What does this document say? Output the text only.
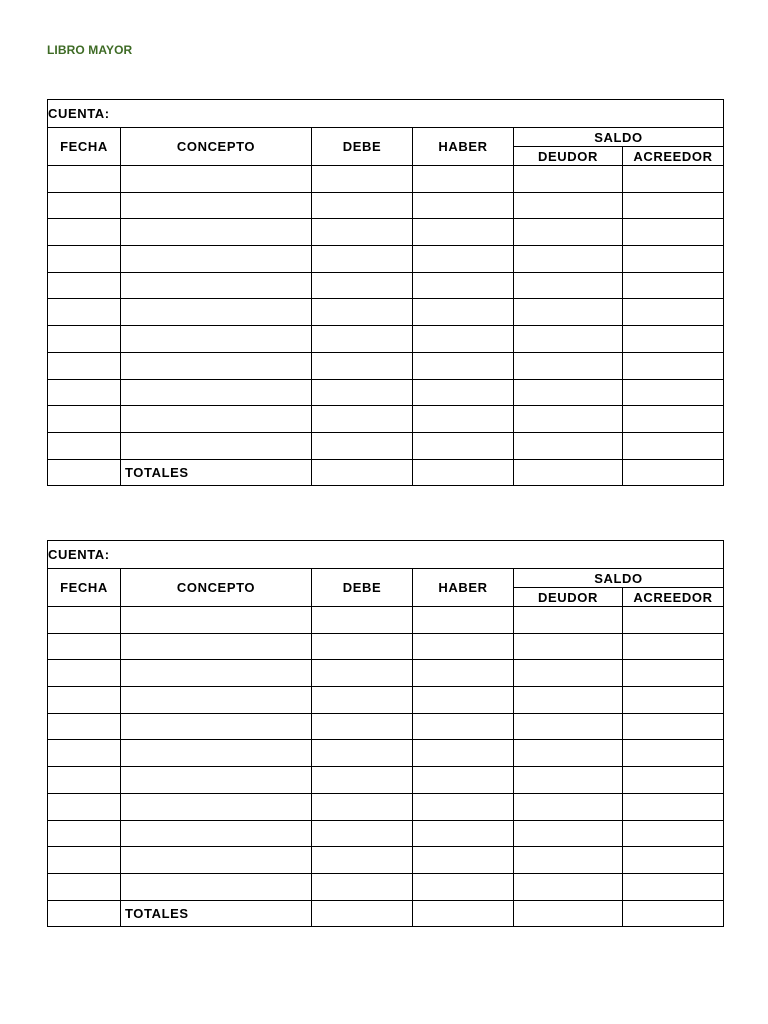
LIBRO MAYOR
CUENTA:					
FECHA	CONCEPTO	DEBE	HABER	SALDO	
				DEUDOR	ACREEDOR

	TOTALES				
CUENTA:					
FECHA	CONCEPTO	DEBE	HABER	SALDO	
				DEUDOR	ACREEDOR

	TOTALES				
